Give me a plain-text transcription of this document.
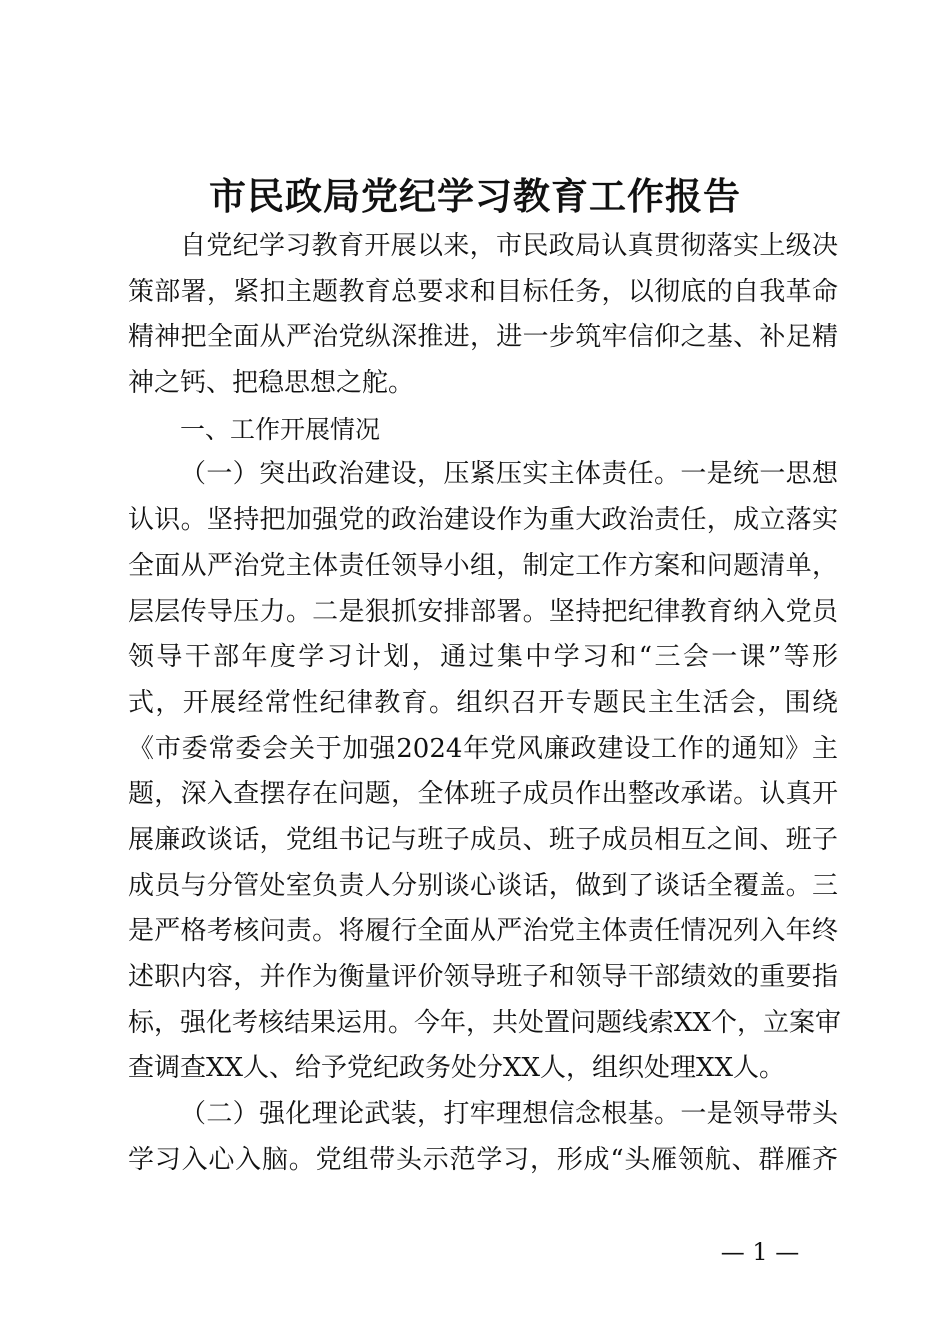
市民政局党纪学习教育工作报告
自党纪学习教育开展以来，市民政局认真贯彻落实上级决
策部署，紧扣主题教育总要求和目标任务，以彻底的自我革命
精神把全面从严治党纵深推进，进一步筑牢信仰之基、补足精
神之钙、把稳思想之舵。
一、工作开展情况
（一）突出政治建设，压紧压实主体责任。一是统一思想
认识。坚持把加强党的政治建设作为重大政治责任，成立落实
全面从严治党主体责任领导小组，制定工作方案和问题清单，
层层传导压力。二是狠抓安排部署。坚持把纪律教育纳入党员
领导干部年度学习计划，通过集中学习和“三会一课”等形
式，开展经常性纪律教育。组织召开专题民主生活会，围绕
《市委常委会关于加强2024年党风廉政建设工作的通知》主
题，深入查摆存在问题，全体班子成员作出整改承诺。认真开
展廉政谈话，党组书记与班子成员、班子成员相互之间、班子
成员与分管处室负责人分别谈心谈话，做到了谈话全覆盖。三
是严格考核问责。将履行全面从严治党主体责任情况列入年终
述职内容，并作为衡量评价领导班子和领导干部绩效的重要指
标，强化考核结果运用。今年，共处置问题线索XX个，立案审
查调查XX人、给予党纪政务处分XX人，组织处理XX人。
（二）强化理论武装，打牢理想信念根基。一是领导带头
学习入心入脑。党组带头示范学习，形成“头雁领航、群雁齐
— 1 —
